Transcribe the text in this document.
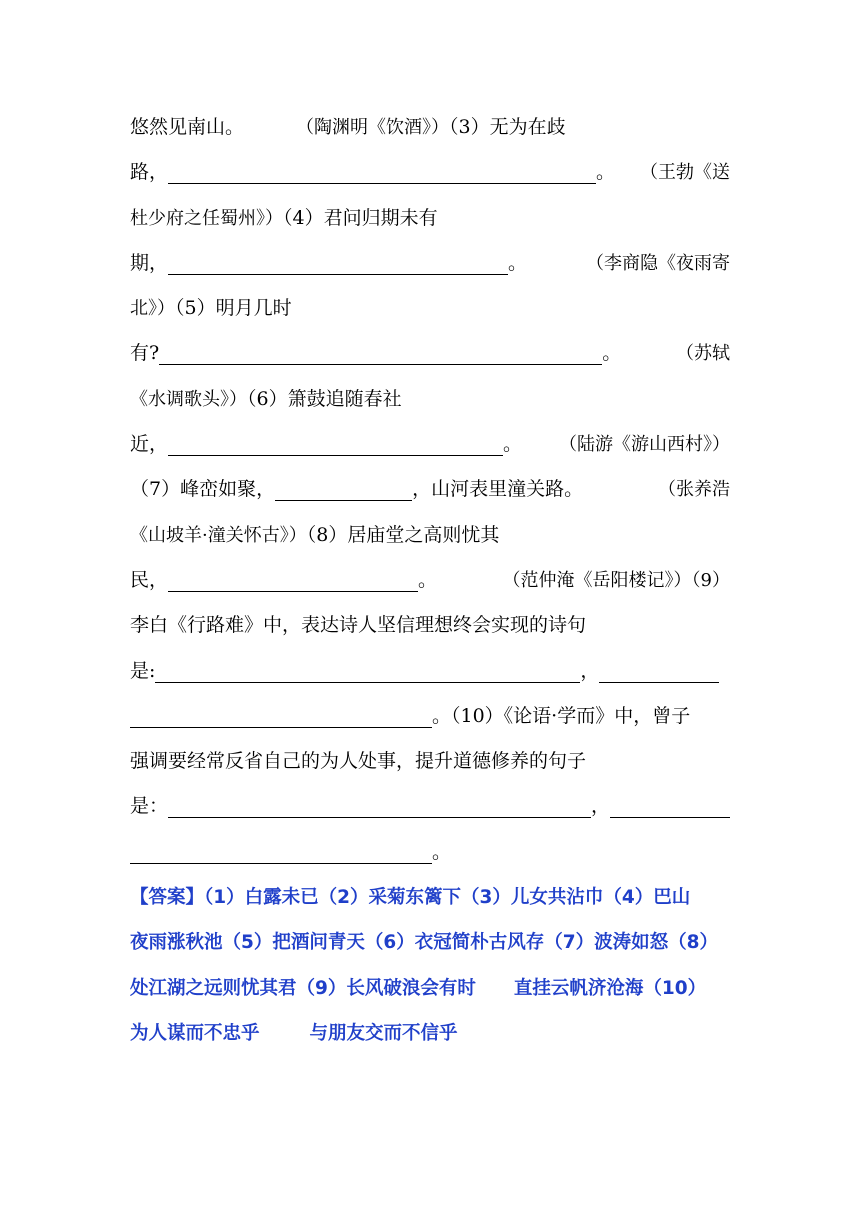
悠然见南山。	（陶渊明《饮酒》）（3）无为在歧
路，	。 （王勃《送
杜少府之任蜀州》）（4）君问归期未有
期，	。	（李商隐《夜雨寄
北》）（5）明月几时
有?	。	（苏轼
《水调歌头》）（6）箫鼓追随春社
近，	。 （陆游《游山西村》）
（7）峰峦如聚，	，山河表里潼关路。	（张养浩
《山坡羊·潼关怀古》）（8）居庙堂之高则忧其
民，	。	（范仲淹《岳阳楼记》）（9）
李白《行路难》中，表达诗人坚信理想终会实现的诗句
是:	，
。（10）《论语·学而》中，曾子
强调要经常反省自己的为人处事，提升道德修养的句子
是：	，
。
【答案】（1）白露未已（2）采菊东篱下（3）儿女共沾巾（4）巴山
夜雨涨秋池（5）把酒问青天（6）衣冠简朴古风存（7）波涛如怒（8）
处江湖之远则忧其君（9）长风破浪会有时 直挂云帆济沧海（10）
为人谋而不忠乎	与朋友交而不信乎
